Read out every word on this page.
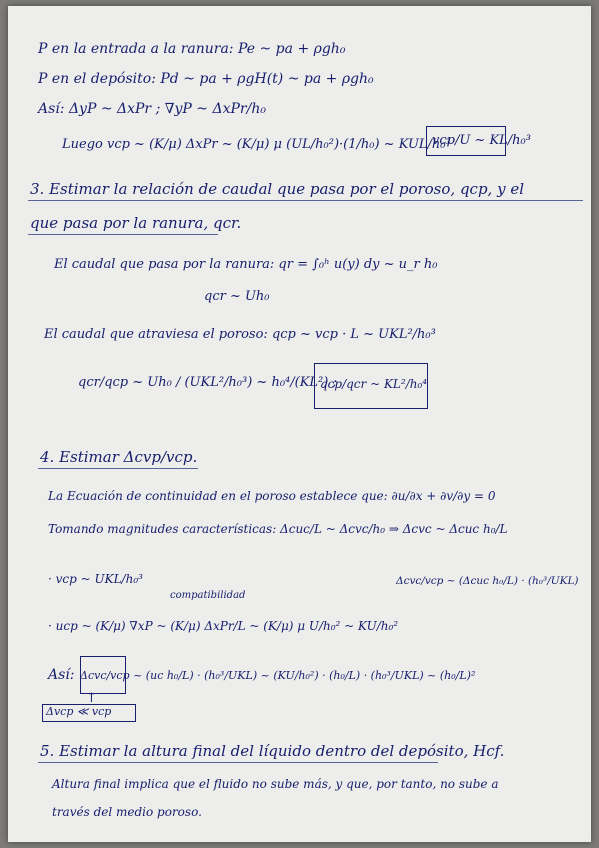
P en la entrada a la ranura: Pe ~ pa + ρgh₀
P en el depósito: Pd ~ pa + ρgH(t) ~ pa + ρgh₀
Así: ΔyP ~ ΔxPr ; ∇yP ~ ΔxPr/h₀
Luego vcp ~ (K/μ) ΔxPr ~ (K/μ) μ (UL/h₀²)·(1/h₀) ~ KUL/h₀³
vcp/U ~ KL/h₀³
3. Estimar la relación de caudal que pasa por el poroso, qcp, y el
que pasa por la ranura, qcr.
El caudal que pasa por la ranura: qr = ∫₀ʰ u(y) dy ~ u_r h₀
qcr ~ Uh₀
El caudal que atraviesa el poroso: qcp ~ vcp · L ~ UKL²/h₀³
qcr/qcp ~ Uh₀ / (UKL²/h₀³) ~ h₀⁴/(KL²) ;
qcp/qcr ~ KL²/h₀⁴
4. Estimar Δcvp/vcp.
La Ecuación de continuidad en el poroso establece que: ∂u/∂x + ∂v/∂y = 0
Tomando magnitudes características: Δcuc/L ~ Δcvc/h₀ ⇒ Δcvc ~ Δcuc h₀/L
· vcp ~ UKL/h₀³	Δcvc/vcp ~ (Δcuc h₀/L) · (h₀³/UKL)
compatibilidad
· ucp ~ (K/μ) ∇xP ~ (K/μ) ΔxPr/L ~ (K/μ) μ U/h₀² ~ KU/h₀²
Así: Δcvc/vcp ~ (uc h₀/L) · (h₀³/UKL) ~ (KU/h₀²) · (h₀/L) · (h₀³/UKL) ~ (h₀/L)²
↑
Δvcp ≪ vcp
5. Estimar la altura final del líquido dentro del depósito, Hcf.
Altura final implica que el fluido no sube más, y que, por tanto, no sube a
través del medio poroso.
